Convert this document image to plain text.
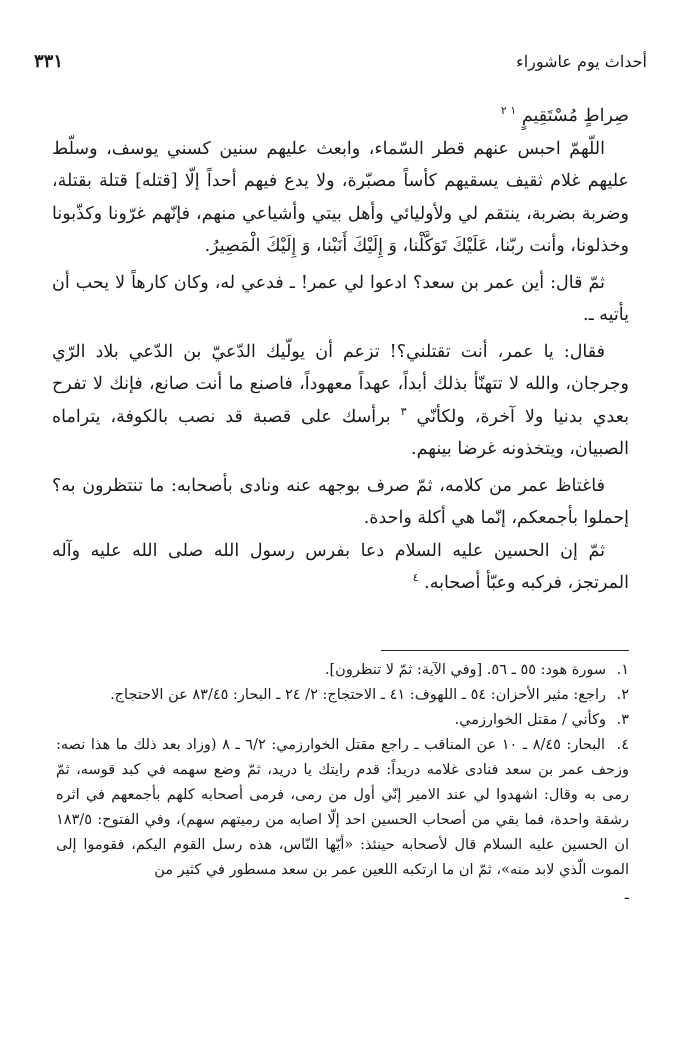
أحداث يوم عاشوراء
٣٣١

صِراطٍ مُسْتَقِيمٍ $^{١ ٢}$

اللّهمّ احبس عنهم قطر السّماء، وابعث عليهم سنين كسني يوسف، وسلّط عليهم غلام ثقيف يسقيهم كأساً مصبّرة، ولا يدع فيهم أحداً إلّا [قتله] قتلة بقتلة، وضربة بضربة، ينتقم لي ولأوليائي وأهل بيتي وأشياعي منهم، فإنّهم غرّونا وكذّبونا وخذلونا، وأنت ربّنا، عَلَيْكَ تَوَكَّلْنا، وَ إِلَيْكَ أَنَبْنا، وَ إِلَيْكَ الْمَصِيرُ.

ثمّ قال: أين عمر بن سعد؟ ادعوا لي عمر! ـ فدعي له، وكان كارهاً لا يحب أن يأتيه ـ.

فقال: يا عمر، أنت تقتلني؟! تزعم أن يولّيك الدّعيّ بن الدّعي بلاد الرّي وجرجان، والله لا تتهنّأ بذلك أبداً، عهداً معهوداً، فاصنع ما أنت صانع، فإنك لا تفرح بعدي بدنيا ولا آخرة، ولكأنّي $^٣$ برأسك على قصبة قد نصب بالكوفة، يتراماه الصبيان، ويتخذونه غرضا بينهم.

فاغتاظ عمر من كلامه، ثمّ صرف بوجهه عنه ونادى بأصحابه: ما تنتظرون به؟ إحملوا بأجمعكم، إنّما هي أكلة واحدة.

ثمّ إن الحسين عليه السلام دعا بفرس رسول الله صلى الله عليه وآله المرتجز، فركبه وعبّأ أصحابه. $^٤$

١. سورة هود: ٥٥ ـ ٥٦. [وفي الآية: ثمّ لا تنظرون].

٢. راجع: مثير الأحزان: ٥٤ ـ اللهوف: ٤١ ـ الاحتجاج: ٢/ ٢٤ ـ البحار: ٨٣/٤٥ عن الاحتجاج.

٣. وكأني / مقتل الخوارزمي.

٤. البحار: ٨/٤٥ ـ ١٠ عن المناقب ـ راجع مقتل الخوارزمي: ٦/٢ ـ ٨ (وزاد بعد ذلك ما هذا نصه: وزحف عمر بن سعد فنادى غلامه دريداً: قدم رايتك يا دريد، ثمّ وضع سهمه في كبد قوسه، ثمّ رمى به وقال: اشهدوا لي عند الامير إنّي أول من رمى، فرمى أصحابه كلهم بأجمعهم في اثره رشقة واحدة، فما بقي من أصحاب الحسين احد إلّا اصابه من رميتهم سهم)، وفي الفتوح: ١٨٣/٥ ان الحسين عليه السلام قال لأصحابه حينئذ: «أيّها النّاس، هذه رسل القوم اليكم، فقوموا إلى الموت الّذي لابد منه»، ثمّ ان ما ارتكبه اللعين عمر بن سعد مسطور في كثير من

ـ
